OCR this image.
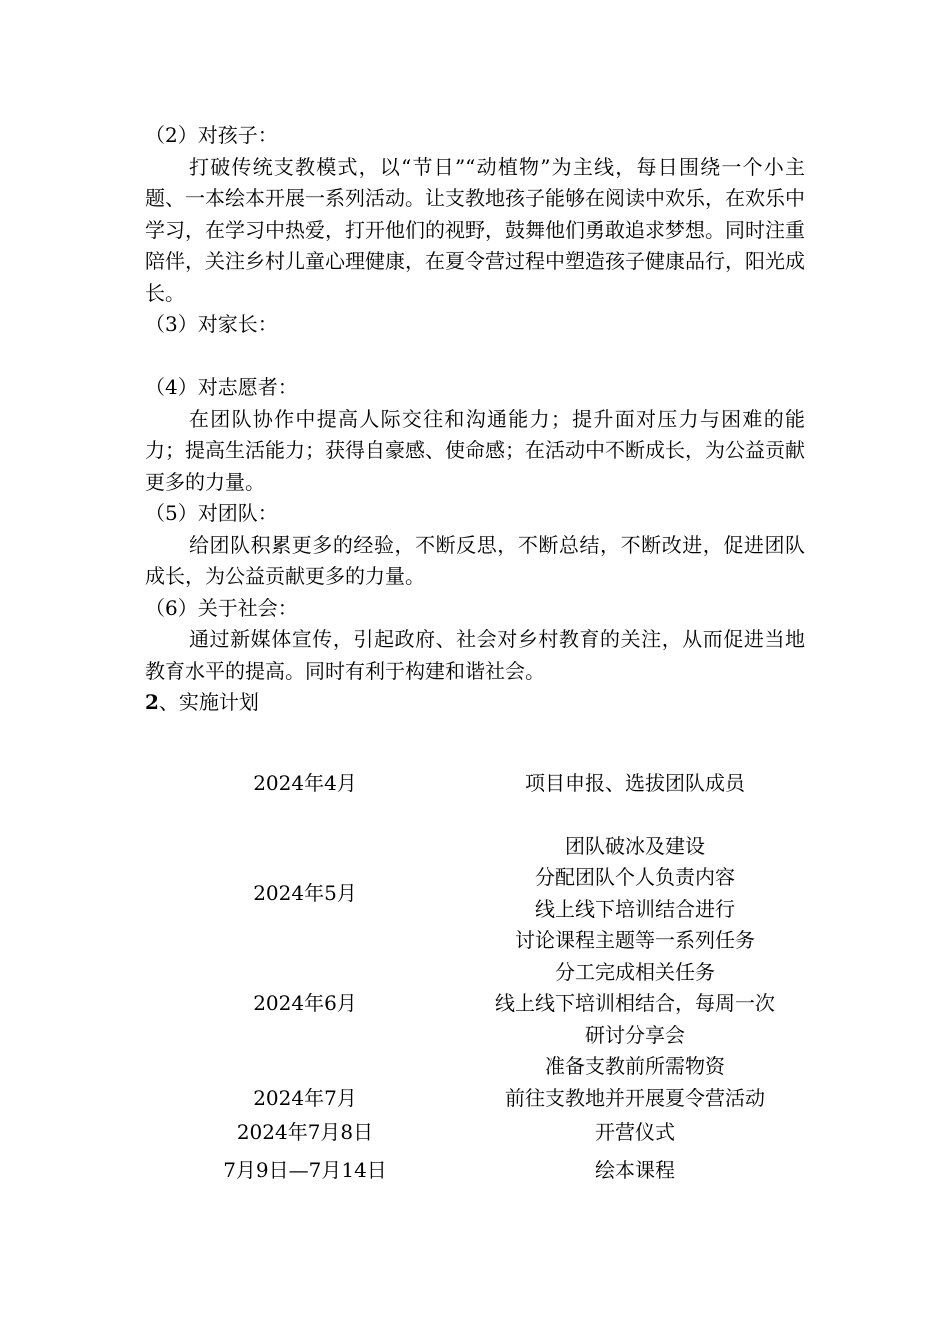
（2）对孩子：

打破传统支教模式，以“节日”“动植物”为主线，每日围绕一个小主题、一本绘本开展一系列活动。让支教地孩子能够在阅读中欢乐，在欢乐中学习，在学习中热爱，打开他们的视野，鼓舞他们勇敢追求梦想。同时注重陪伴，关注乡村儿童心理健康，在夏令营过程中塑造孩子健康品行，阳光成长。

（3）对家长：

（4）对志愿者：

在团队协作中提高人际交往和沟通能力；提升面对压力与困难的能力；提高生活能力；获得自豪感、使命感；在活动中不断成长，为公益贡献更多的力量。

（5）对团队：

给团队积累更多的经验，不断反思，不断总结，不断改进，促进团队成长，为公益贡献更多的力量。

（6）关于社会：

通过新媒体宣传，引起政府、社会对乡村教育的关注，从而促进当地教育水平的提高。同时有利于构建和谐社会。

2、实施计划

2024年4月	项目申报、选拔团队成员

2024年5月	团队破冰及建设
分配团队个人负责内容
线上线下培训结合进行
讨论课程主题等一系列任务

2024年6月	分工完成相关任务
线上线下培训相结合，每周一次
研讨分享会

2024年7月	准备支教前所需物资
前往支教地并开展夏令营活动

2024年7月8日	开营仪式

7月9日—7月14日	绘本课程
